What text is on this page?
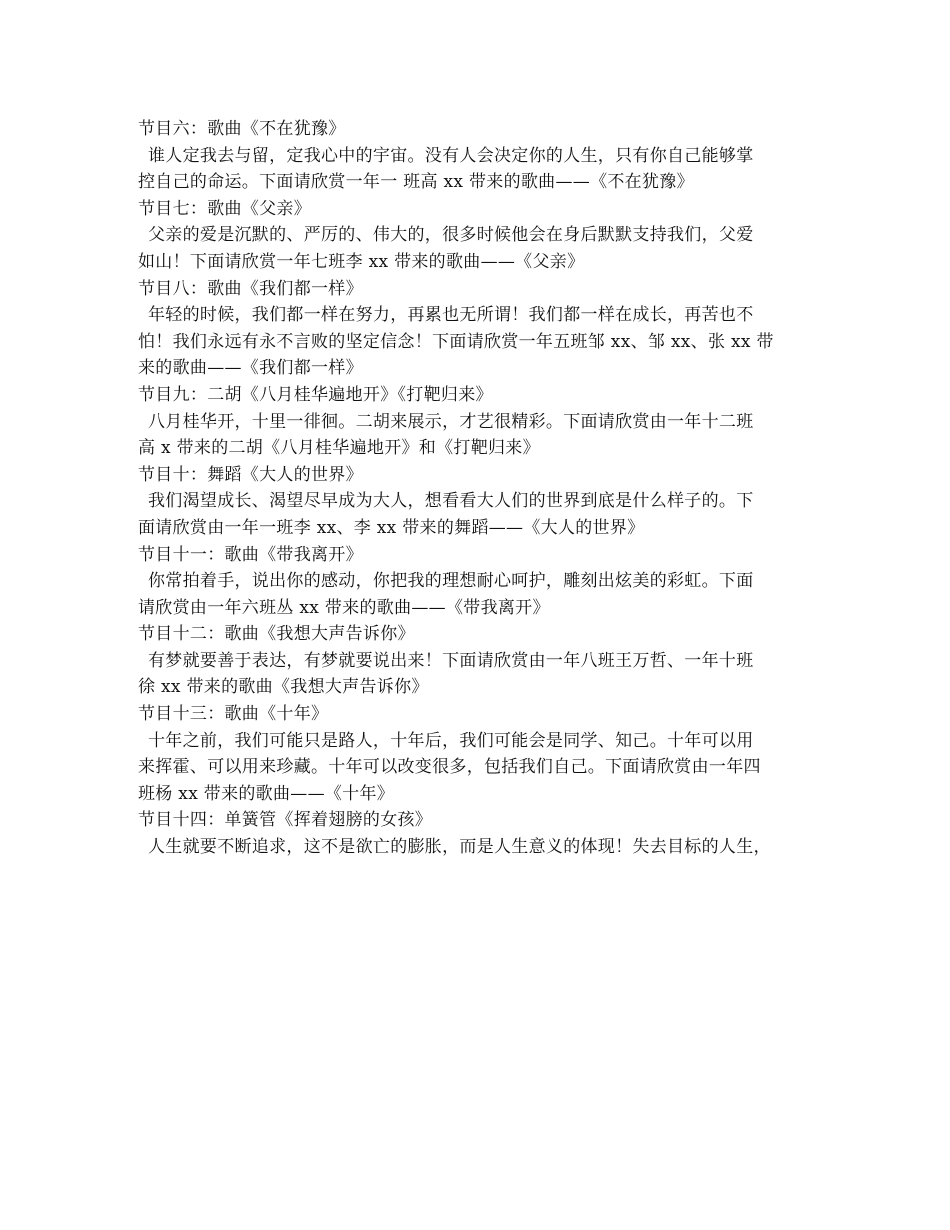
节目六：歌曲《不在犹豫》
谁人定我去与留，定我心中的宇宙。没有人会决定你的人生，只有你自己能够掌
控自己的命运。下面请欣赏一年一 班高 xx 带来的歌曲——《不在犹豫》
节目七：歌曲《父亲》
父亲的爱是沉默的、严厉的、伟大的，很多时候他会在身后默默支持我们，父爱
如山！下面请欣赏一年七班李 xx 带来的歌曲——《父亲》
节目八：歌曲《我们都一样》
年轻的时候，我们都一样在努力，再累也无所谓！我们都一样在成长，再苦也不
怕！我们永远有永不言败的坚定信念！下面请欣赏一年五班邹 xx、邹 xx、张 xx 带
来的歌曲——《我们都一样》
节目九：二胡《八月桂华遍地开》《打靶归来》
八月桂华开，十里一徘徊。二胡来展示，才艺很精彩。下面请欣赏由一年十二班
高 x 带来的二胡《八月桂华遍地开》和《打靶归来》
节目十：舞蹈《大人的世界》
我们渴望成长、渴望尽早成为大人，想看看大人们的世界到底是什么样子的。下
面请欣赏由一年一班李 xx、李 xx 带来的舞蹈——《大人的世界》
节目十一：歌曲《带我离开》
你常拍着手，说出你的感动，你把我的理想耐心呵护，雕刻出炫美的彩虹。下面
请欣赏由一年六班丛 xx 带来的歌曲——《带我离开》
节目十二：歌曲《我想大声告诉你》
有梦就要善于表达，有梦就要说出来！下面请欣赏由一年八班王万哲、一年十班
徐 xx 带来的歌曲《我想大声告诉你》
节目十三：歌曲《十年》
十年之前，我们可能只是路人，十年后，我们可能会是同学、知己。十年可以用
来挥霍、可以用来珍藏。十年可以改变很多，包括我们自己。下面请欣赏由一年四
班杨 xx 带来的歌曲——《十年》
节目十四：单簧管《挥着翅膀的女孩》
人生就要不断追求，这不是欲亡的膨胀，而是人生意义的体现！失去目标的人生，
